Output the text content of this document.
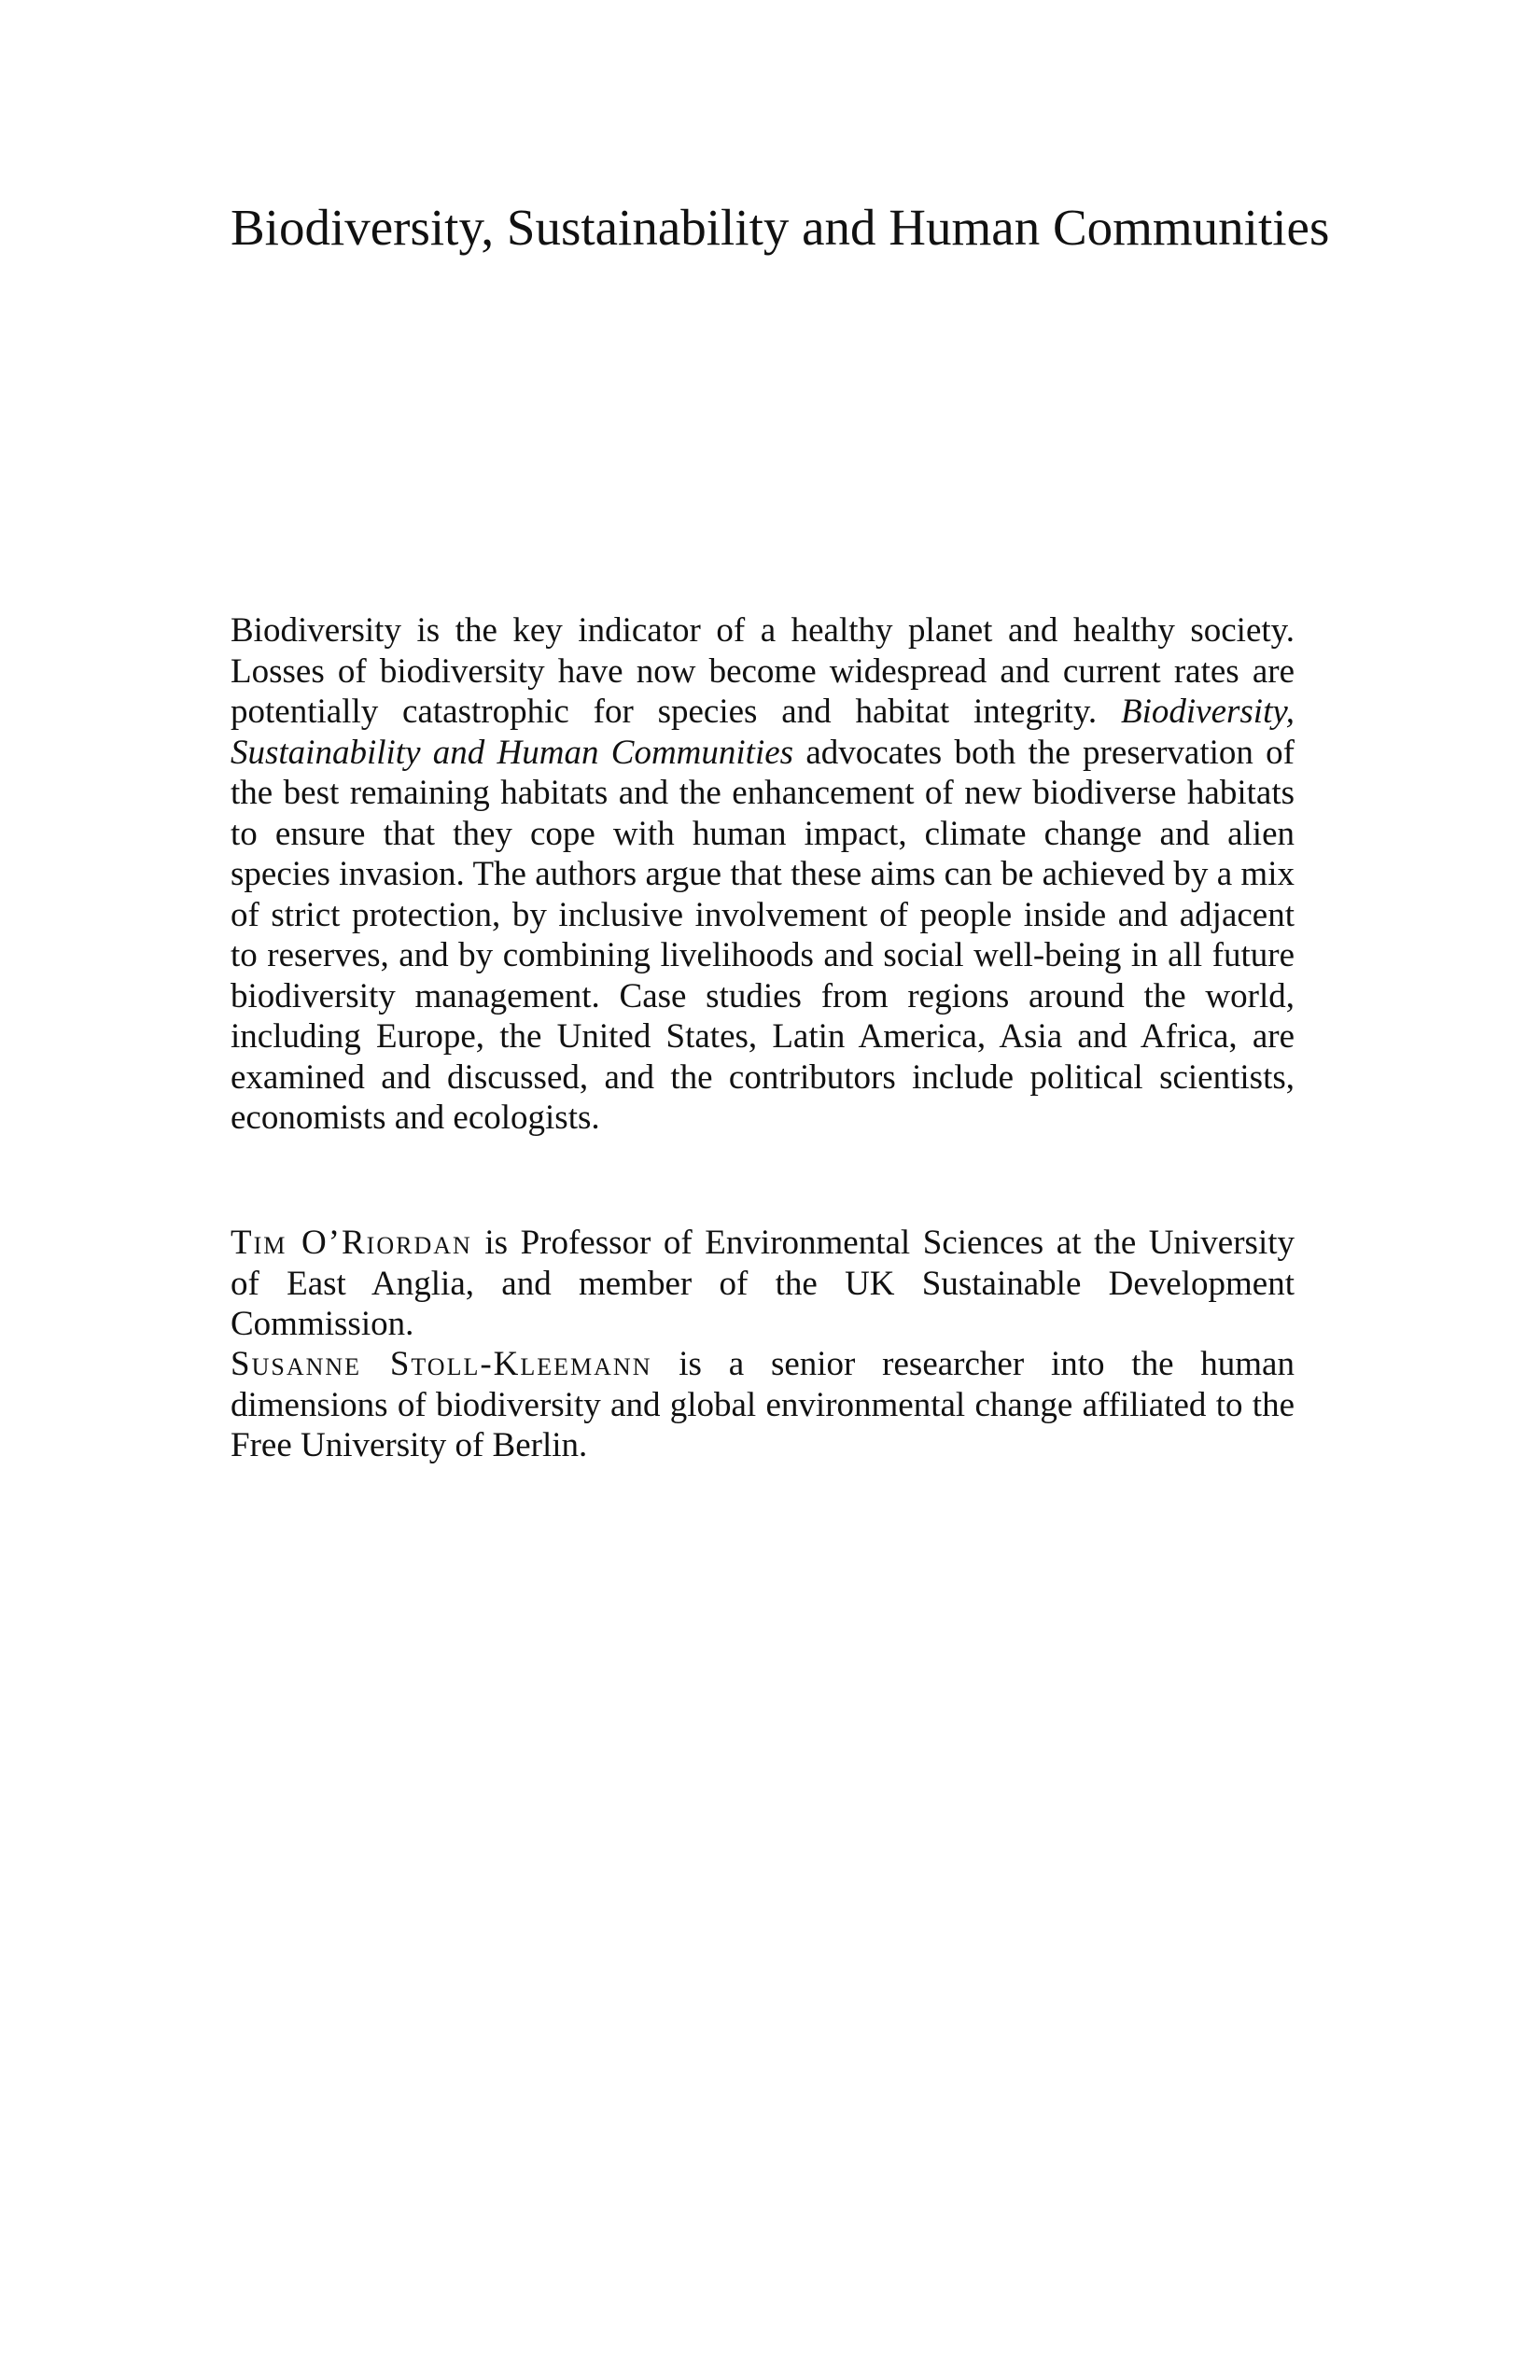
Biodiversity, Sustainability and Human Communities

Biodiversity is the key indicator of a healthy planet and healthy society. Losses of biodiversity have now become widespread and current rates are potentially catastrophic for species and habitat integrity. Biodiversity, Sustainability and Human Communities advocates both the preservation of the best remaining habitats and the enhancement of new biodiverse habitats to ensure that they cope with human impact, climate change and alien species invasion. The authors argue that these aims can be achieved by a mix of strict protection, by inclusive involvement of people inside and adjacent to reserves, and by combining livelihoods and social well-being in all future biodiversity management. Case studies from regions around the world, including Europe, the United States, Latin America, Asia and Africa, are examined and discussed, and the contributors include political scientists, economists and ecologists.

Tim O’Riordan is Professor of Environmental Sciences at the University of East Anglia, and member of the UK Sustainable Development Commission.

Susanne Stoll-Kleemann is a senior researcher into the human dimensions of biodiversity and global environmental change affiliated to the Free University of Berlin.
